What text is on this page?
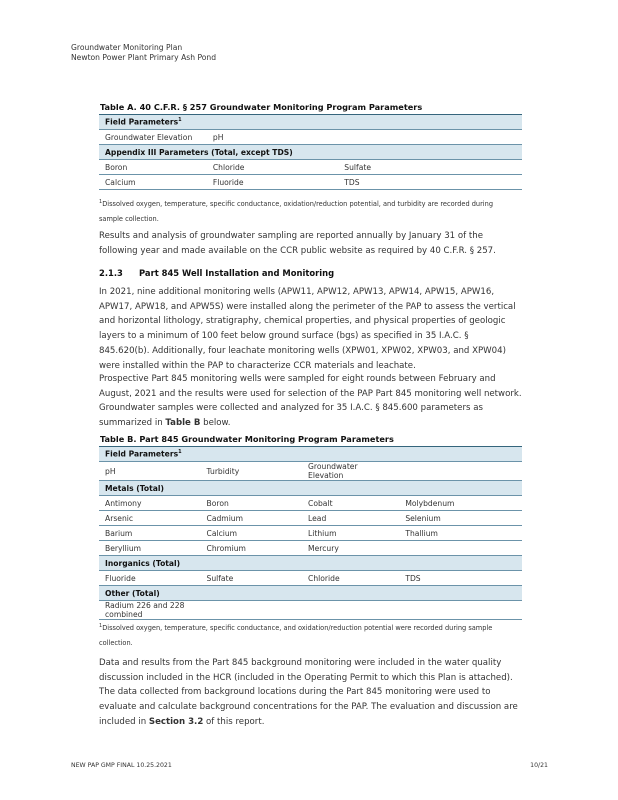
Groundwater Monitoring Plan
Newton Power Plant Primary Ash Pond
Table A. 40 C.F.R. § 257 Groundwater Monitoring Program Parameters
Field Parameters$^1$
Groundwater Elevation	pH		
Appendix III Parameters (Total, except TDS)			
Boron	Chloride	Sulfate	
Calcium	Fluoride	TDS	
$^1$Dissolved oxygen, temperature, specific conductance, oxidation/reduction potential, and turbidity are recorded during
sample collection.
Results and analysis of groundwater sampling are reported annually by January 31 of the
following year and made available on the CCR public website as required by 40 C.F.R. § 257.
2.1.3 Part 845 Well Installation and Monitoring
In 2021, nine additional monitoring wells (APW11, APW12, APW13, APW14, APW15, APW16,
APW17, APW18, and APW5S) were installed along the perimeter of the PAP to assess the vertical
and horizontal lithology, stratigraphy, chemical properties, and physical properties of geologic
layers to a minimum of 100 feet below ground surface (bgs) as specified in 35 I.A.C. §
845.620(b). Additionally, four leachate monitoring wells (XPW01, XPW02, XPW03, and XPW04)
were installed within the PAP to characterize CCR materials and leachate.
Prospective Part 845 monitoring wells were sampled for eight rounds between February and
August, 2021 and the results were used for selection of the PAP Part 845 monitoring well network.
Groundwater samples were collected and analyzed for 35 I.A.C. § 845.600 parameters as
summarized in Table B below.
Table B. Part 845 Groundwater Monitoring Program Parameters
Field Parameters$^1$
pH	Turbidity	Groundwater Elevation	
Metals (Total)			
Antimony	Boron	Cobalt	Molybdenum
Arsenic	Cadmium	Lead	Selenium
Barium	Calcium	Lithium	Thallium
Beryllium	Chromium	Mercury	
Inorganics (Total)			
Fluoride	Sulfate	Chloride	TDS
Other (Total)			
Radium 226 and 228 combined			
$^1$Dissolved oxygen, temperature, specific conductance, and oxidation/reduction potential were recorded during sample
collection.
Data and results from the Part 845 background monitoring were included in the water quality
discussion included in the HCR (included in the Operating Permit to which this Plan is attached).
The data collected from background locations during the Part 845 monitoring were used to
evaluate and calculate background concentrations for the PAP. The evaluation and discussion are
included in Section 3.2 of this report.
NEW PAP GMP FINAL 10.25.2021	10/21
